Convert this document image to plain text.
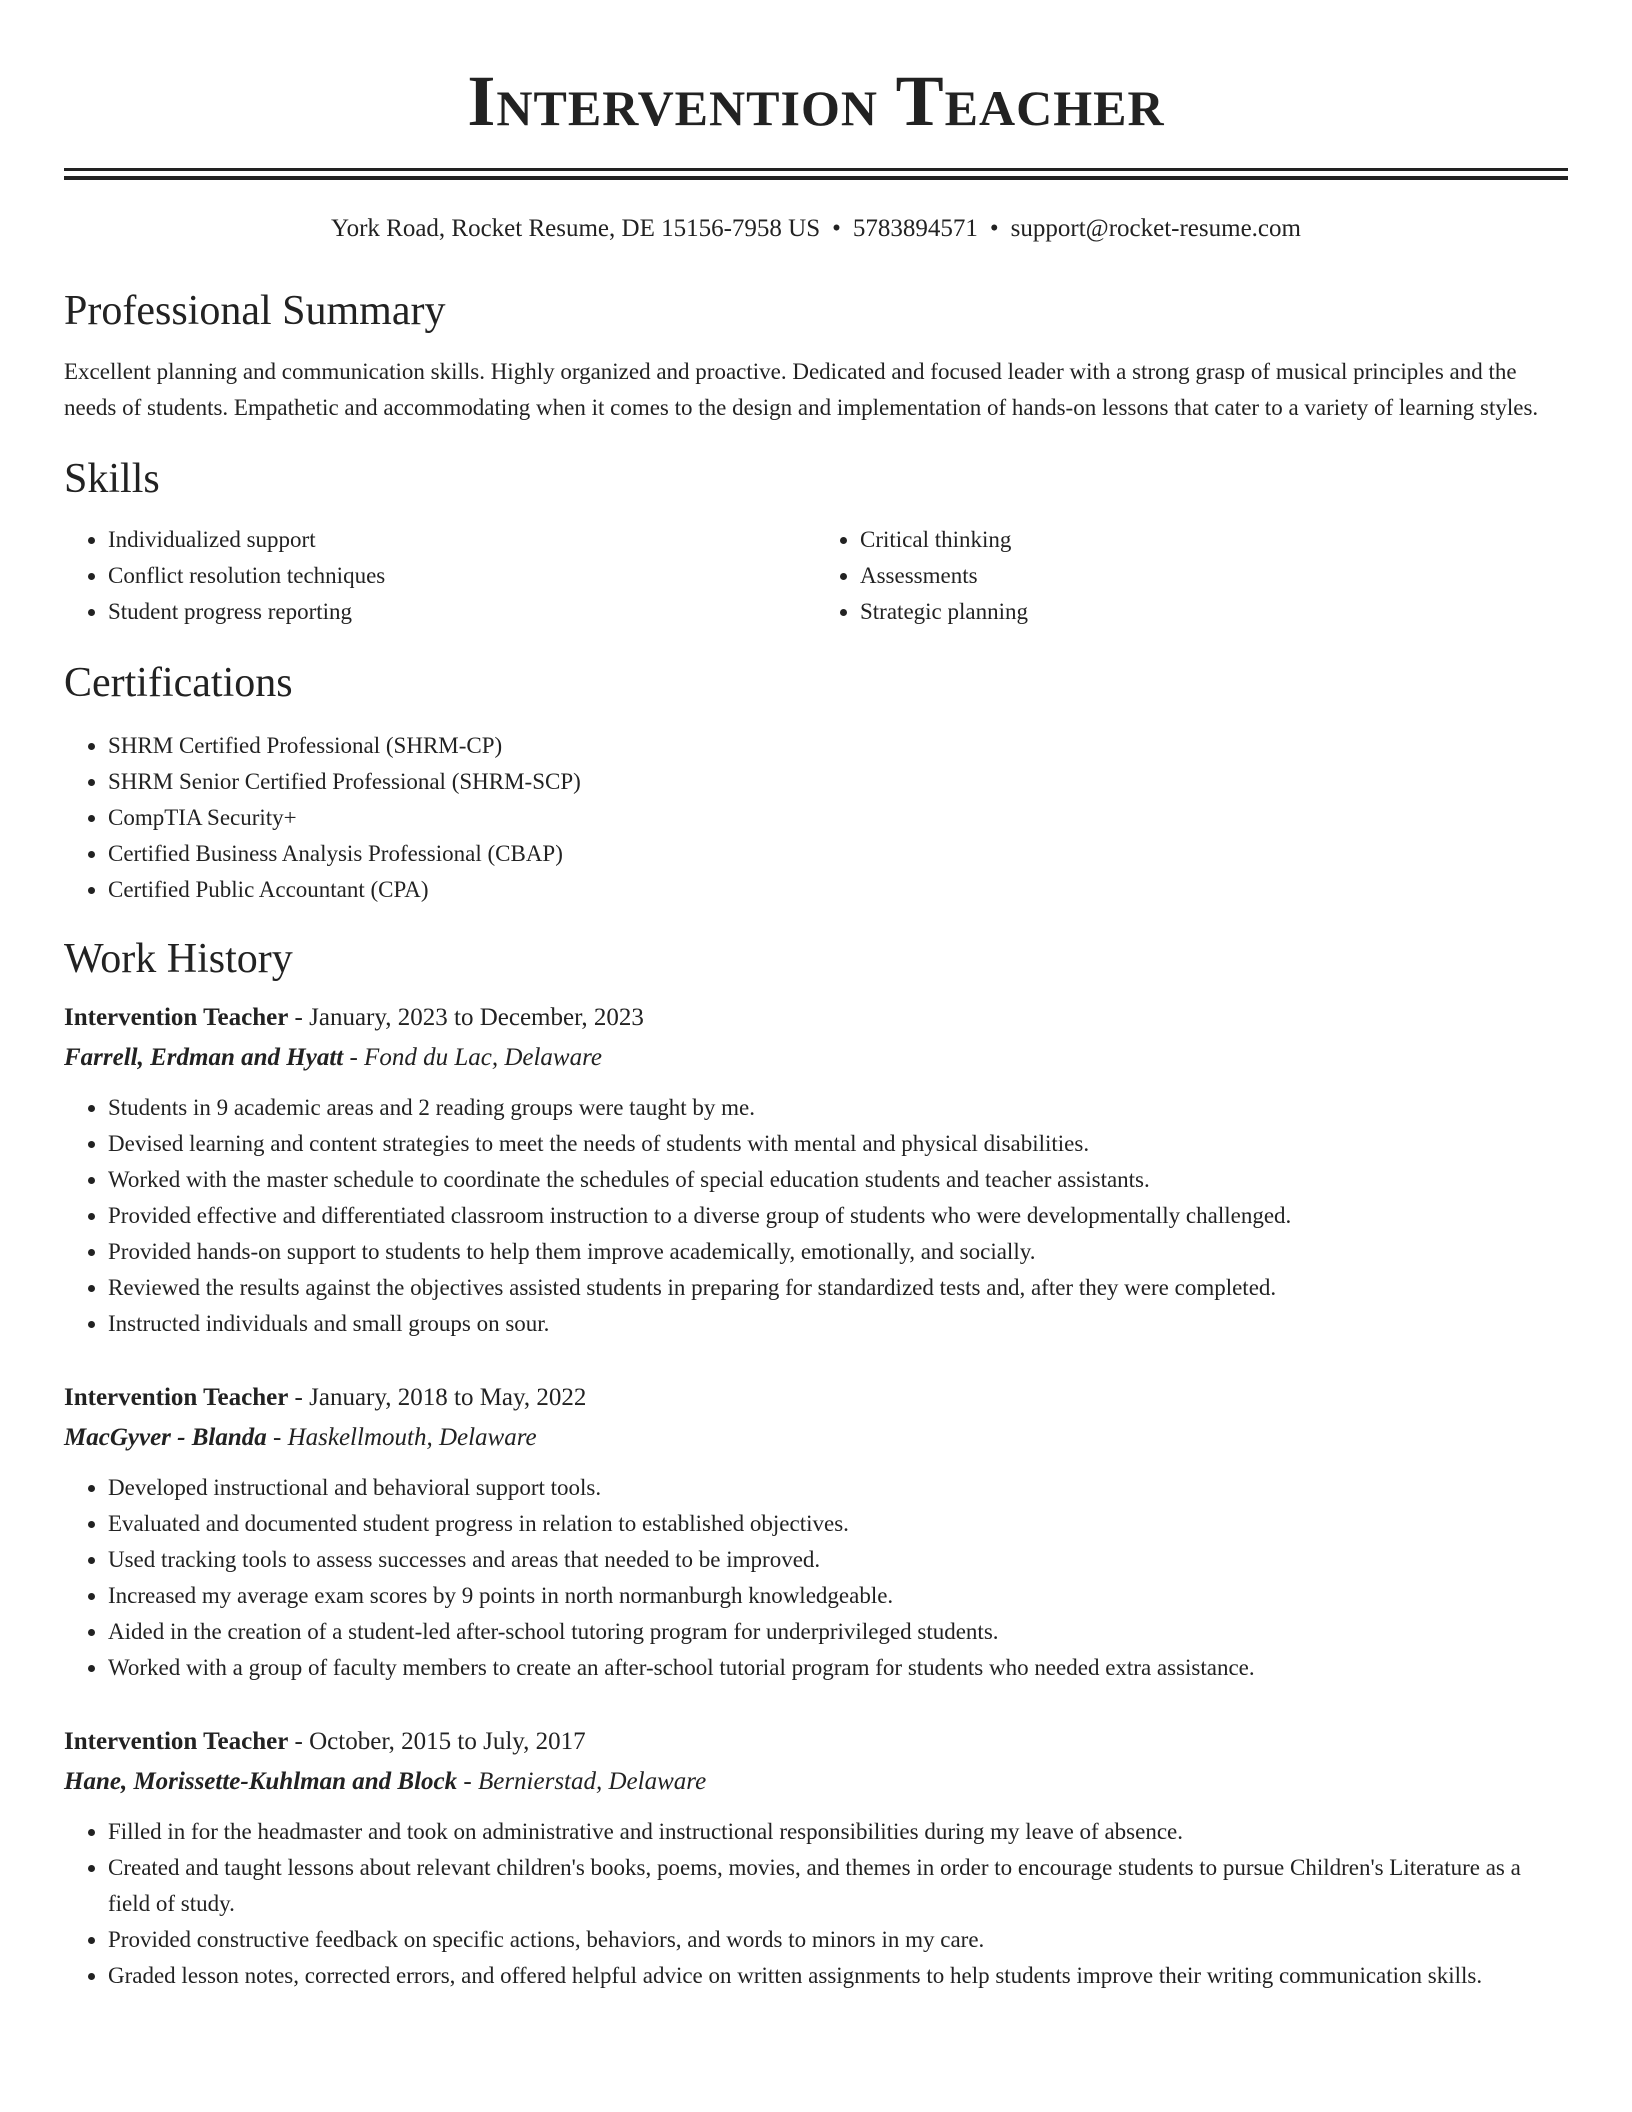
Intervention Teacher
York Road, Rocket Resume, DE 15156-7958 US • 5783894571 • support@rocket-resume.com
Professional Summary

Excellent planning and communication skills. Highly organized and proactive. Dedicated and focused leader with a strong grasp of musical principles and the needs of students. Empathetic and accommodating when it comes to the design and implementation of hands-on lessons that cater to a variety of learning styles.

Skills
• Individualized support
• Conflict resolution techniques
• Student progress reporting
• Critical thinking
• Assessments
• Strategic planning
Certifications
• SHRM Certified Professional (SHRM-CP)
• SHRM Senior Certified Professional (SHRM-SCP)
• CompTIA Security+
• Certified Business Analysis Professional (CBAP)
• Certified Public Accountant (CPA)
Work History
Intervention Teacher - January, 2023 to December, 2023
Farrell, Erdman and Hyatt - Fond du Lac, Delaware
• Students in 9 academic areas and 2 reading groups were taught by me.
• Devised learning and content strategies to meet the needs of students with mental and physical disabilities.
• Worked with the master schedule to coordinate the schedules of special education students and teacher assistants.
• Provided effective and differentiated classroom instruction to a diverse group of students who were developmentally challenged.
• Provided hands-on support to students to help them improve academically, emotionally, and socially.
• Reviewed the results against the objectives assisted students in preparing for standardized tests and, after they were completed.
• Instructed individuals and small groups on sour.
Intervention Teacher - January, 2018 to May, 2022
MacGyver - Blanda - Haskellmouth, Delaware
• Developed instructional and behavioral support tools.
• Evaluated and documented student progress in relation to established objectives.
• Used tracking tools to assess successes and areas that needed to be improved.
• Increased my average exam scores by 9 points in north normanburgh knowledgeable.
• Aided in the creation of a student-led after-school tutoring program for underprivileged students.
• Worked with a group of faculty members to create an after-school tutorial program for students who needed extra assistance.
Intervention Teacher - October, 2015 to July, 2017
Hane, Morissette-Kuhlman and Block - Bernierstad, Delaware
• Filled in for the headmaster and took on administrative and instructional responsibilities during my leave of absence.
• Created and taught lessons about relevant children's books, poems, movies, and themes in order to encourage students to pursue Children's Literature as a field of study.
• Provided constructive feedback on specific actions, behaviors, and words to minors in my care.
• Graded lesson notes, corrected errors, and offered helpful advice on written assignments to help students improve their writing communication skills.
